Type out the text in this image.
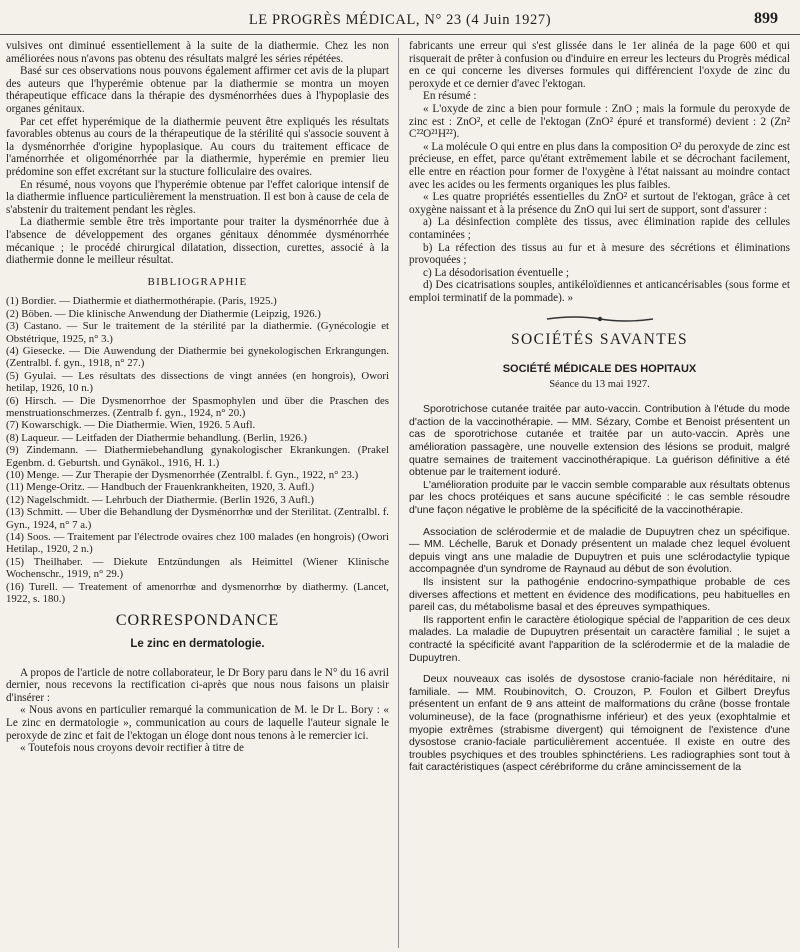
LE PROGRÈS MÉDICAL, N° 23 (4 Juin 1927)	899

vulsives ont diminué essentiellement à la suite de la diathermie. Chez les non améliorées nous n'avons pas obtenu des résultats malgré les séries répétées.

Basé sur ces observations nous pouvons également affirmer cet avis de la plupart des auteurs que l'hyperémie obtenue par la diathermie se montra un moyen thérapeutique efficace dans la thérapie des dysménorrhées dues à l'hypoplasie des organes génitaux.

Par cet effet hyperémique de la diathermie peuvent être expliqués les résultats favorables obtenus au cours de la thérapeutique de la stérilité qui s'associe souvent à la dysménorrhée d'origine hypoplasique. Au cours du traitement efficace de l'aménorrhée et oligoménorrhée par la diathermie, hyperémie en premier lieu prédomine son effet excrétant sur la stucture folliculaire des ovaires.

En résumé, nous voyons que l'hyperémie obtenue par l'effet calorique intensif de la diathermie influence particulièrement la menstruation. Il est bon à cause de cela de s'abstenir du traitement pendant les règles.

La diathermie semble être très importante pour traiter la dysménorrhée due à l'absence de développement des organes génitaux dénommée dysménorrhée mécanique ; le procédé chirurgical dilatation, dissection, curettes, associé à la diathermie donne le meilleur résultat.

BIBLIOGRAPHIE

(1) Bordier. — Diathermie et diathermothérapie. (Paris, 1925.)

(2) Böben. — Die klinische Anwendung der Diathermie (Leipzig, 1926.)

(3) Castano. — Sur le traitement de la stérilité par la diathermie. (Gynécologie et Obstétrique, 1925, n° 3.)

(4) Giesecke. — Die Auwendung der Diathermie bei gynekologischen Erkrangungen. (Zentralbl. f. gyn., 1918, n° 27.)

(5) Gyulai. — Les résultats des dissections de vingt années (en hongrois), Owori hetilap, 1926, 10 n.)

(6) Hirsch. — Die Dysmenorrhoe der Spasmophylen und über die Praschen des menstruationschmerzes. (Zentralb f. gyn., 1924, n° 20.)

(7) Kowarschigk. — Die Diathermie. Wien, 1926. 5 Aufl.

(8) Laqueur. — Leitfaden der Diathermie behandlung. (Berlin, 1926.)

(9) Zindemann. — Diathermiebehandlung gynakologischer Ekrankungen. (Prakel Egenbm. d. Geburtsh. und Gynäkol., 1916, H. 1.)

(10) Menge. — Zur Therapie der Dysmenorrhée (Zentralbl. f. Gyn., 1922, n° 23.)

(11) Menge-Oritz. — Handbuch der Frauenkrankheiten, 1920, 3. Aufl.)

(12) Nagelschmidt. — Lehrbuch der Diathermie. (Berlin 1926, 3 Aufl.)

(13) Schmitt. — Uber die Behandlung der Dysménorrhœ und der Sterilitat. (Zentralbl. f. Gyn., 1924, n° 7 a.)

(14) Soos. — Traitement par l'électrode ovaires chez 100 malades (en hongrois) (Owori Hetilap., 1920, 2 n.)

(15) Theilhaber. — Diekute Entzündungen als Heimittel (Wiener Klinische Wochenschr., 1919, n° 29.)

(16) Turell. — Treatement of amenorrhœ and dysmenorrhœ by diathermy. (Lancet, 1922, s. 180.)

CORRESPONDANCE
Le zinc en dermatologie.

A propos de l'article de notre collaborateur, le Dr Bory paru dans le N° du 16 avril dernier, nous recevons la rectification ci-après que nous nous faisons un plaisir d'insérer :

« Nous avons en particulier remarqué la communication de M. le Dr L. Bory : « Le zinc en dermatologie », communication au cours de laquelle l'auteur signale le peroxyde de zinc et fait de l'ektogan un éloge dont nous tenons à le remercier ici.

« Toutefois nous croyons devoir rectifier à titre de

fabricants une erreur qui s'est glissée dans le 1er alinéa de la page 600 et qui risquerait de prêter à confusion ou d'induire en erreur les lecteurs du Progrès médical en ce qui concerne les diverses formules qui différencient l'oxyde de zinc du peroxyde et ce dernier d'avec l'ektogan.

En résumé :

« L'oxyde de zinc a bien pour formule : ZnO ; mais la formule du peroxyde de zinc est : ZnO², et celle de l'ektogan (ZnO² épuré et transformé) devient : 2 (Zn² C²²O²¹H²²).

« La molécule O qui entre en plus dans la composition O² du peroxyde de zinc est précieuse, en effet, parce qu'étant extrêmement labile et se décrochant facilement, elle entre en réaction pour former de l'oxygène à l'état naissant au moindre contact avec les acides ou les ferments organiques les plus faibles.

« Les quatre propriétés essentielles du ZnO² et surtout de l'ektogan, grâce à cet oxygène naissant et à la présence du ZnO qui lui sert de support, sont d'assurer :

a) La désinfection complète des tissus, avec élimination rapide des cellules contaminées ;

b) La réfection des tissus au fur et à mesure des sécrétions et éliminations provoquées ;

c) La désodorisation éventuelle ;

d) Des cicatrisations souples, antikéloïdiennes et anticancérisables (sous forme et emploi terminatif de la pommade). »

SOCIÉTÉS SAVANTES
SOCIÉTÉ MÉDICALE DES HOPITAUX
Séance du 13 mai 1927.

Sporotrichose cutanée traitée par auto-vaccin. Contribution à l'étude du mode d'action de la vaccinothérapie. — MM. Sézary, Combe et Benoist présentent un cas de sporotrichose cutanée et traitée par un auto-vaccin. Après une amélioration passagère, une nouvelle extension des lésions se produit, malgré quatre semaines de traitement vaccinothérapique. La guérison définitive a été obtenue par le traitement ioduré.

L'amélioration produite par le vaccin semble comparable aux résultats obtenus par les chocs protéiques et sans aucune spécificité : le cas semble résoudre d'une façon négative le problème de la spécificité de la vaccinothérapie.

Association de sclérodermie et de maladie de Dupuytren chez un spécifique. — MM. Léchelle, Baruk et Donady présentent un malade chez lequel évoluent depuis vingt ans une maladie de Dupuytren et puis une sclérodactylie typique accompagnée d'un syndrome de Raynaud au début de son évolution.

Ils insistent sur la pathogénie endocrino-sympathique probable de ces diverses affections et mettent en évidence des modifications, peu habituelles en pareil cas, du métabolisme basal et des épreuves sympathiques.

Ils rapportent enfin le caractère étiologique spécial de l'apparition de ces deux malades. La maladie de Dupuytren présentait un caractère familial ; le sujet a contracté la spécificité avant l'apparition de la sclérodermie et de la maladie de Dupuytren.

Deux nouveaux cas isolés de dysostose cranio-faciale non héréditaire, ni familiale. — MM. Roubinovitch, O. Crouzon, P. Foulon et Gilbert Dreyfus présentent un enfant de 9 ans atteint de malformations du crâne (bosse frontale volumineuse), de la face (prognathisme inférieur) et des yeux (exophtalmie et myopie extrêmes (strabisme divergent) qui témoignent de l'existence d'une dysostose cranio-faciale particulièrement accentuée. Il existe en outre des troubles psychiques et des troubles sphinctériens. Les radiographies sont tout à fait caractéristiques (aspect cérébriforme du crâne amincissement de la
